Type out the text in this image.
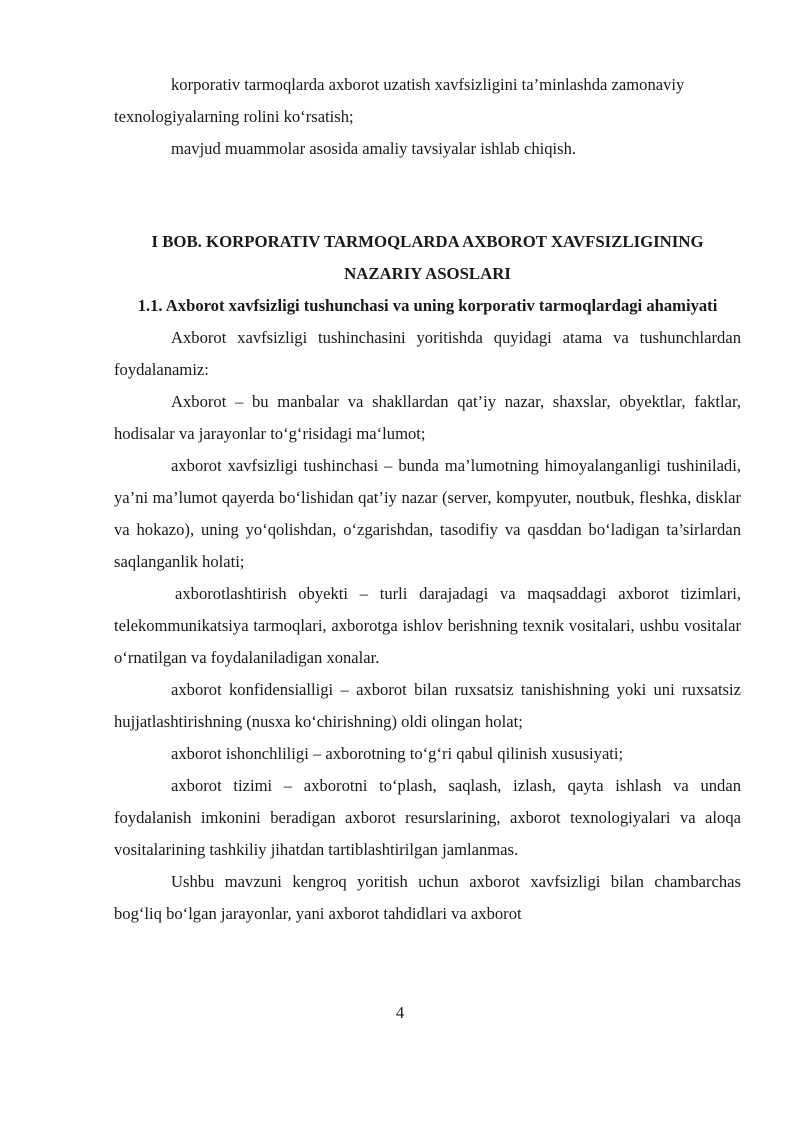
korporativ tarmoqlarda axborot uzatish xavfsizligini ta’minlashda zamonaviy texnologiyalarning rolini ko‘rsatish;

mavjud muammolar asosida amaliy tavsiyalar ishlab chiqish.

I BOB. KORPORATIV TARMOQLARDA AXBOROT XAVFSIZLIGINING NAZARIY ASOSLARI

1.1. Axborot xavfsizligi tushunchasi va uning korporativ tarmoqlardagi ahamiyati

Axborot xavfsizligi tushinchasini yoritishda quyidagi atama va tushunchlardan foydalanamiz:

Axborot – bu manbalar va shakllardan qat’iy nazar, shaxslar, obyektlar, faktlar, hodisalar va jarayonlar to‘g‘risidagi ma‘lumot;

axborot xavfsizligi tushinchasi – bunda ma’lumotning himoyalanganligi tushiniladi, ya’ni ma’lumot qayerda bo‘lishidan qat’iy nazar (server, kompyuter, noutbuk, fleshka, disklar va hokazo), uning yo‘qolishdan, o‘zgarishdan, tasodifiy va qasddan bo‘ladigan ta’sirlardan saqlanganlik holati;

axborotlashtirish obyekti – turli darajadagi va maqsaddagi axborot tizimlari, telekommunikatsiya tarmoqlari, axborotga ishlov berishning texnik vositalari, ushbu vositalar o‘rnatilgan va foydalaniladigan xonalar.

axborot konfidensialligi – axborot bilan ruxsatsiz tanishishning yoki uni ruxsatsiz hujjatlashtirishning (nusxa ko‘chirishning) oldi olingan holat;

axborot ishonchliligi – axborotning to‘g‘ri qabul qilinish xususiyati;

axborot tizimi – axborotni to‘plash, saqlash, izlash, qayta ishlash va undan foydalanish imkonini beradigan axborot resurslarining, axborot texnologiyalari va aloqa vositalarining tashkiliy jihatdan tartiblashtirilgan jamlanmas.

Ushbu mavzuni kengroq yoritish uchun axborot xavfsizligi bilan chambarchas bog‘liq bo‘lgan jarayonlar, yani axborot tahdidlari va axborot

4
